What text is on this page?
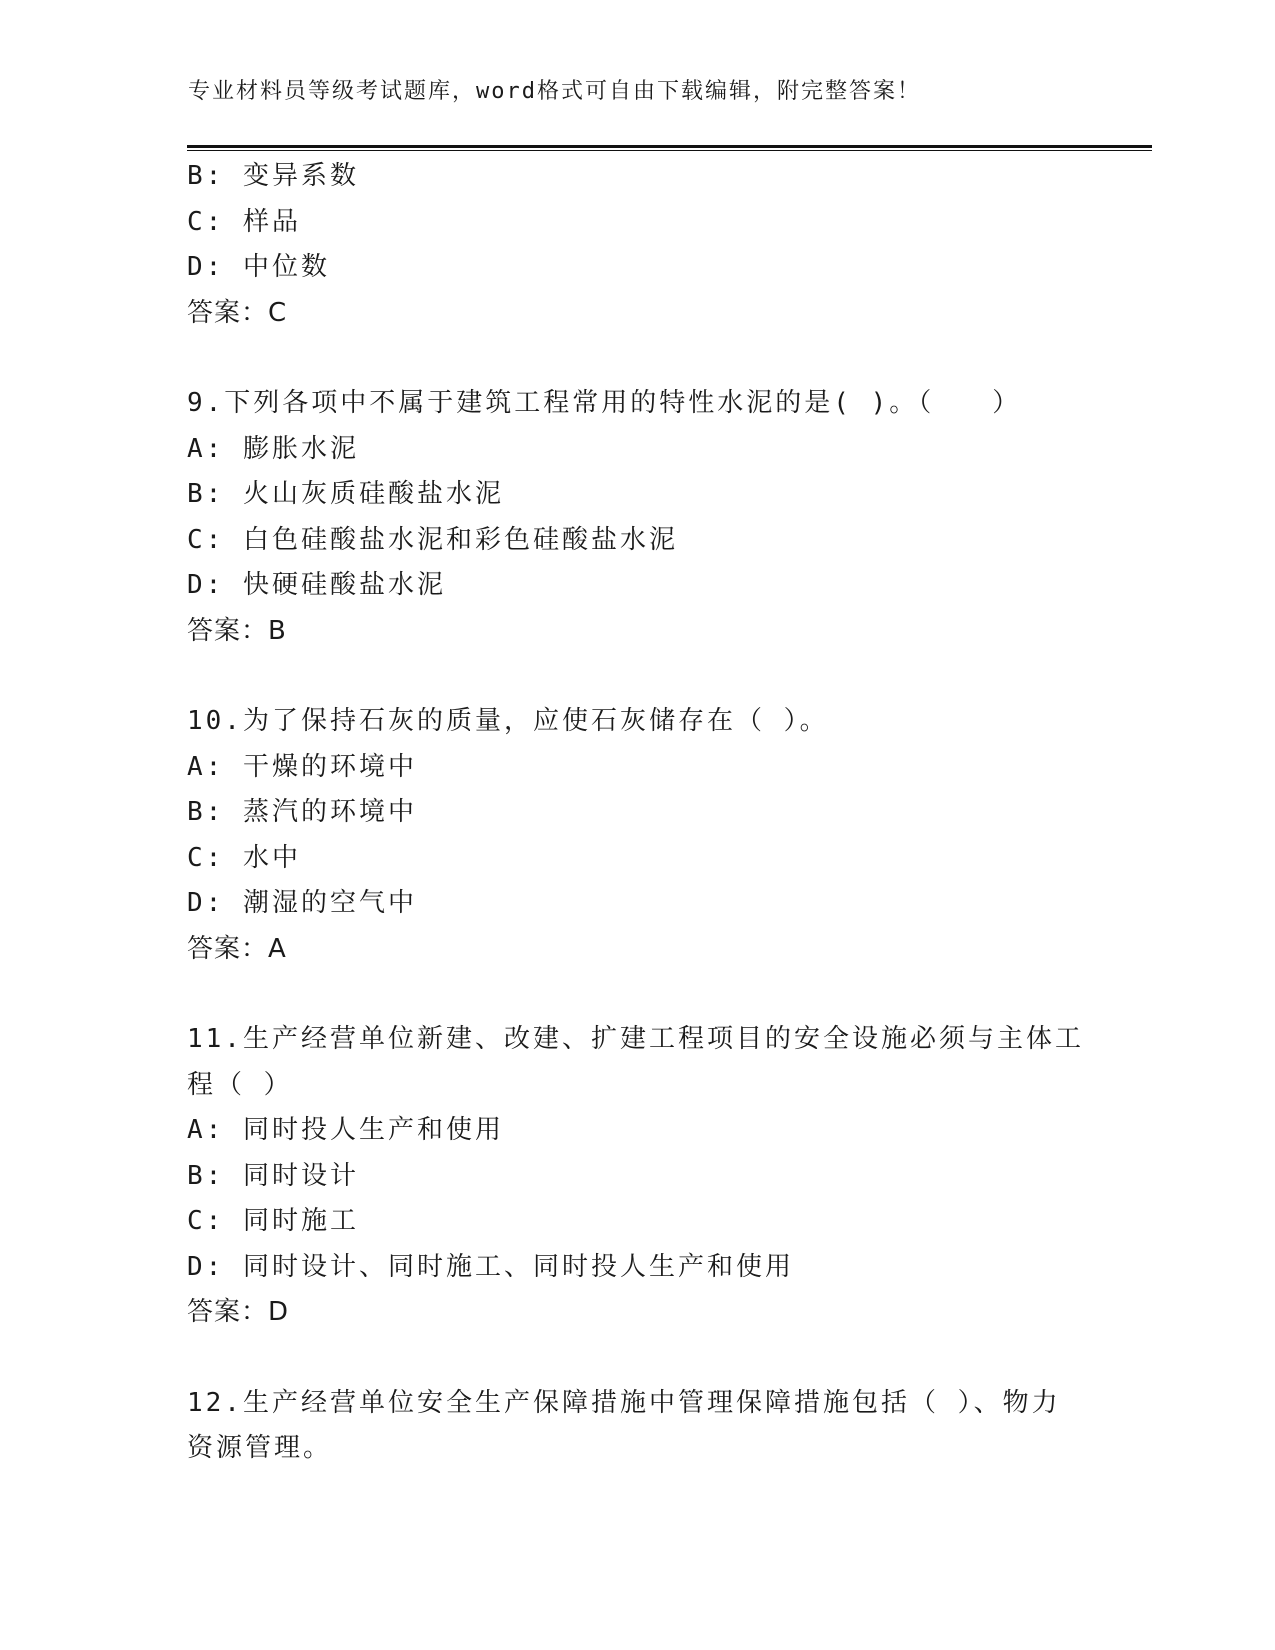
专业材料员等级考试题库，word格式可自由下载编辑，附完整答案！
B: 变异系数
C: 样品
D: 中位数
答案：C
9.下列各项中不属于建筑工程常用的特性水泥的是( )。（　　）
A: 膨胀水泥
B: 火山灰质硅酸盐水泥
C: 白色硅酸盐水泥和彩色硅酸盐水泥
D: 快硬硅酸盐水泥
答案：B
10.为了保持石灰的质量，应使石灰储存在（ ）。
A: 干燥的环境中
B: 蒸汽的环境中
C: 水中
D: 潮湿的空气中
答案：A
11.生产经营单位新建、改建、扩建工程项目的安全设施必须与主体工
程（ ）
A: 同时投人生产和使用
B: 同时设计
C: 同时施工
D: 同时设计、同时施工、同时投人生产和使用
答案：D
12.生产经营单位安全生产保障措施中管理保障措施包括（ ）、物力
资源管理。
